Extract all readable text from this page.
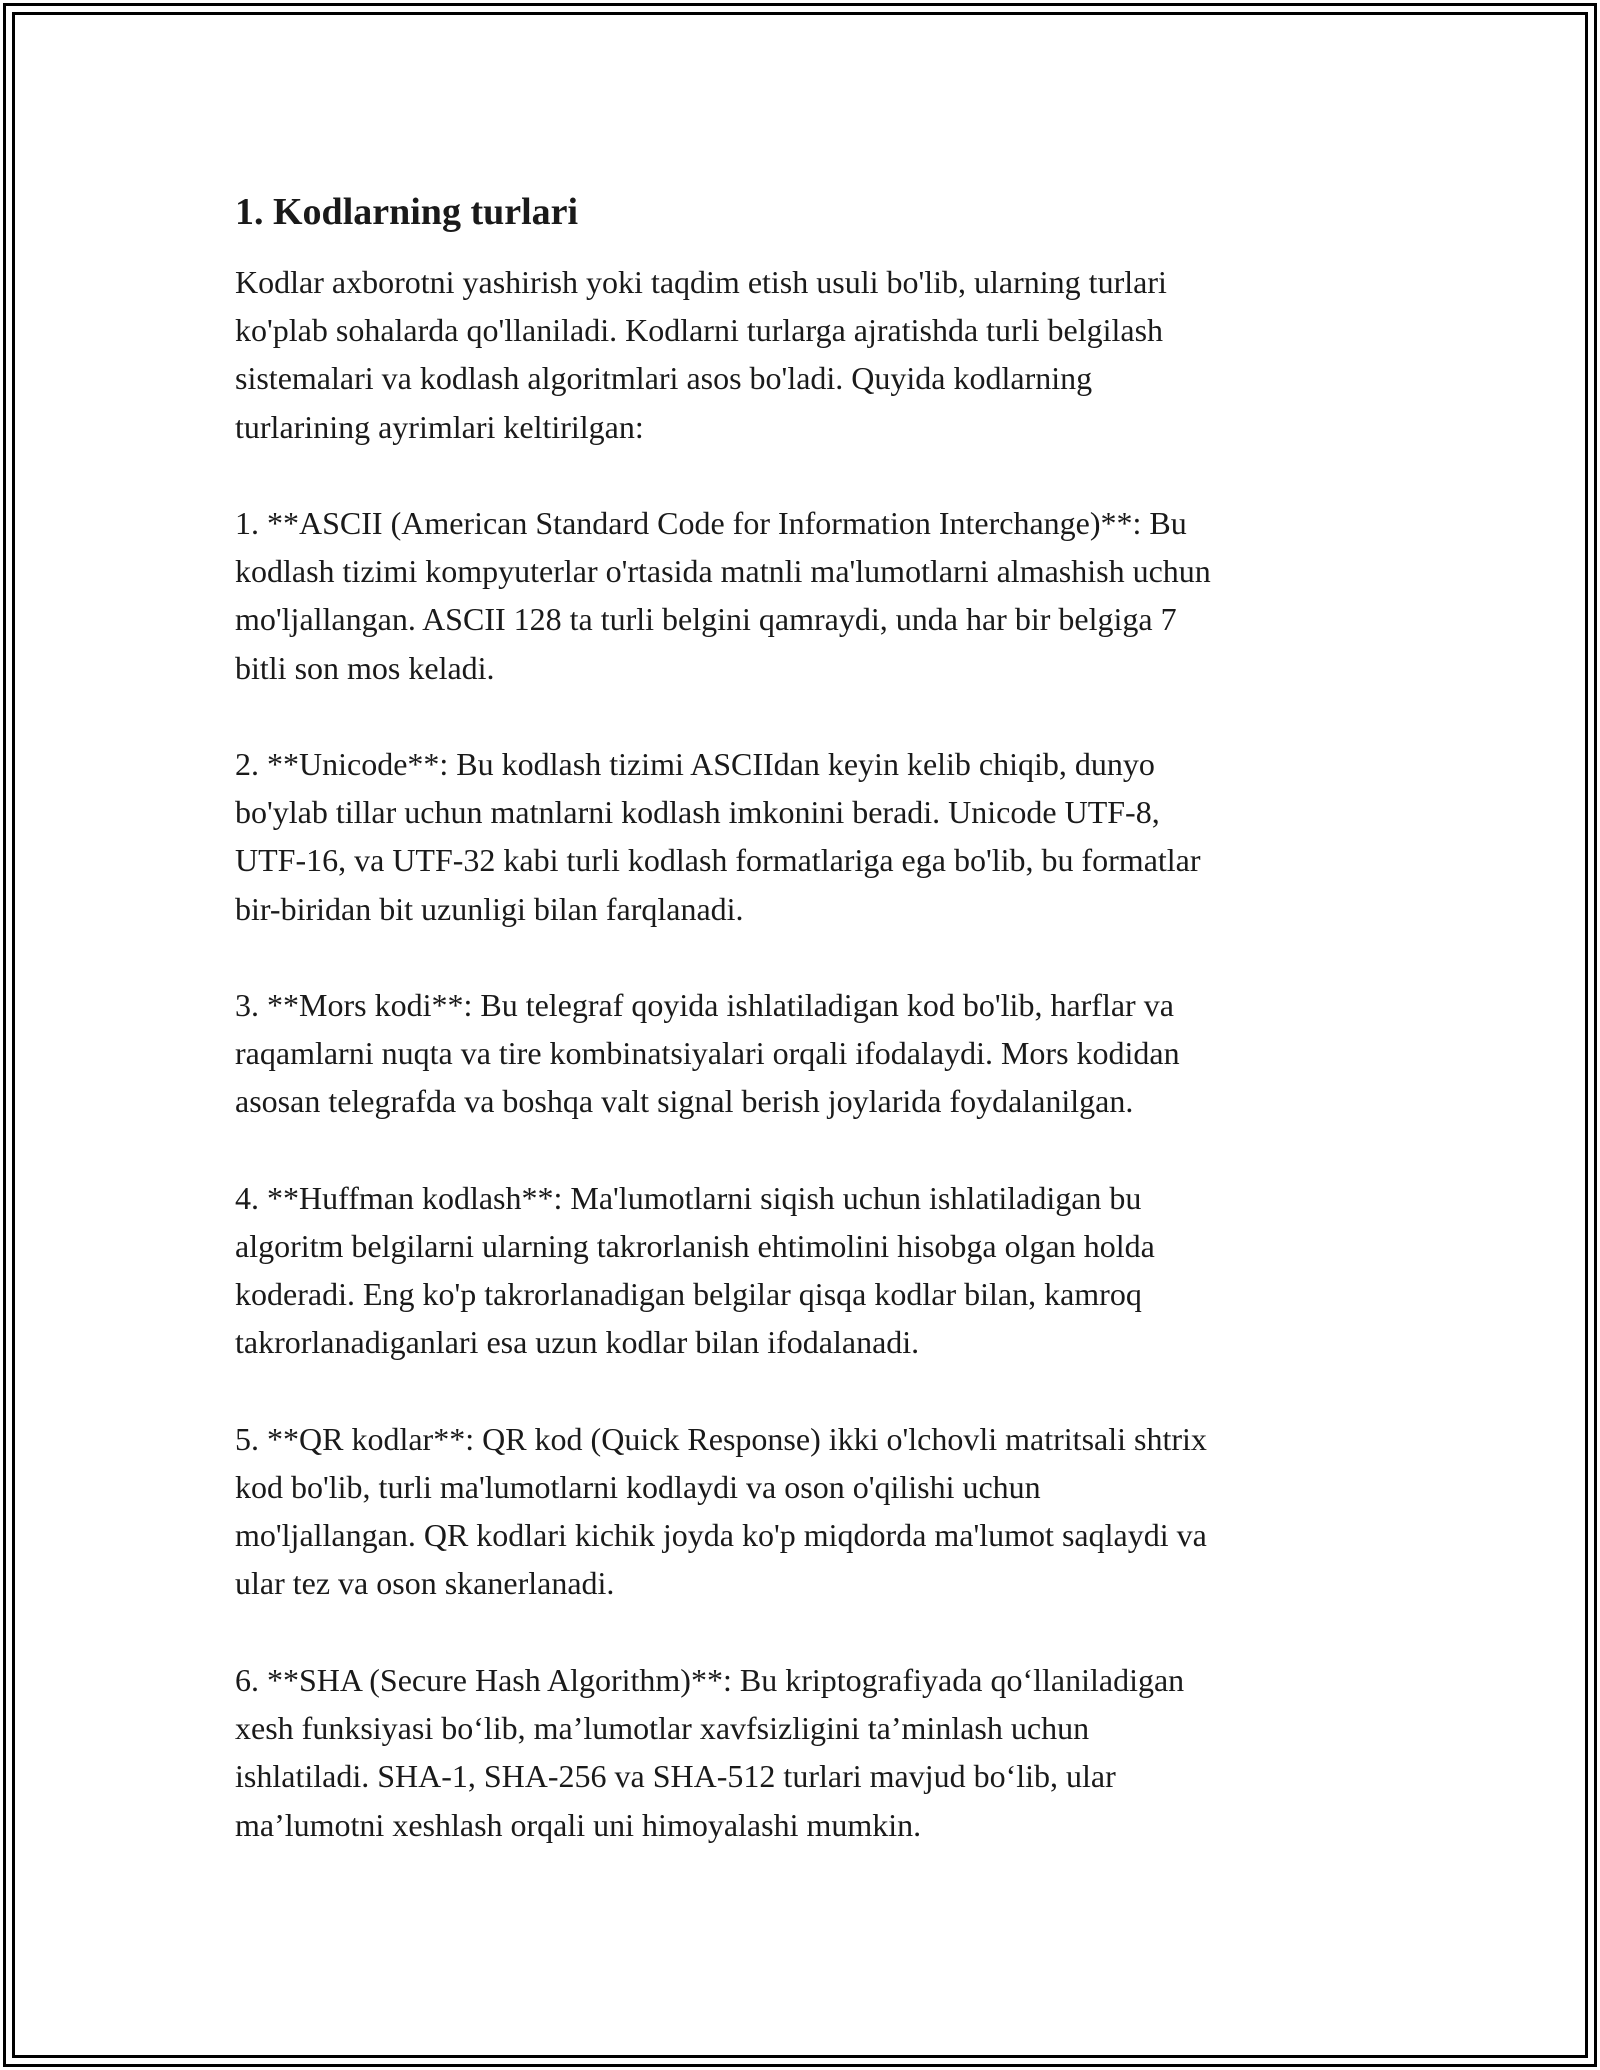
1. Kodlarning turlari

Kodlar axborotni yashirish yoki taqdim etish usuli bo'lib, ularning turlari
ko'plab sohalarda qo'llaniladi. Kodlarni turlarga ajratishda turli belgilash
sistemalari va kodlash algoritmlari asos bo'ladi. Quyida kodlarning
turlarining ayrimlari keltirilgan:

1. **ASCII (American Standard Code for Information Interchange)**: Bu
kodlash tizimi kompyuterlar o'rtasida matnli ma'lumotlarni almashish uchun
mo'ljallangan. ASCII 128 ta turli belgini qamraydi, unda har bir belgiga 7
bitli son mos keladi.

2. **Unicode**: Bu kodlash tizimi ASCIIdan keyin kelib chiqib, dunyo
bo'ylab tillar uchun matnlarni kodlash imkonini beradi. Unicode UTF-8,
UTF-16, va UTF-32 kabi turli kodlash formatlariga ega bo'lib, bu formatlar
bir-biridan bit uzunligi bilan farqlanadi.

3. **Mors kodi**: Bu telegraf qoyida ishlatiladigan kod bo'lib, harflar va
raqamlarni nuqta va tire kombinatsiyalari orqali ifodalaydi. Mors kodidan
asosan telegrafda va boshqa valt signal berish joylarida foydalanilgan.

4. **Huffman kodlash**: Ma'lumotlarni siqish uchun ishlatiladigan bu
algoritm belgilarni ularning takrorlanish ehtimolini hisobga olgan holda
koderadi. Eng ko'p takrorlanadigan belgilar qisqa kodlar bilan, kamroq
takrorlanadiganlari esa uzun kodlar bilan ifodalanadi.

5. **QR kodlar**: QR kod (Quick Response) ikki o'lchovli matritsali shtrix
kod bo'lib, turli ma'lumotlarni kodlaydi va oson o'qilishi uchun
mo'ljallangan. QR kodlari kichik joyda ko'p miqdorda ma'lumot saqlaydi va
ular tez va oson skanerlanadi.

6. **SHA (Secure Hash Algorithm)**: Bu kriptografiyada qo‘llaniladigan
xesh funksiyasi bo‘lib, ma’lumotlar xavfsizligini ta’minlash uchun
ishlatiladi. SHA-1, SHA-256 va SHA-512 turlari mavjud bo‘lib, ular
ma’lumotni xeshlash orqali uni himoyalashi mumkin.
